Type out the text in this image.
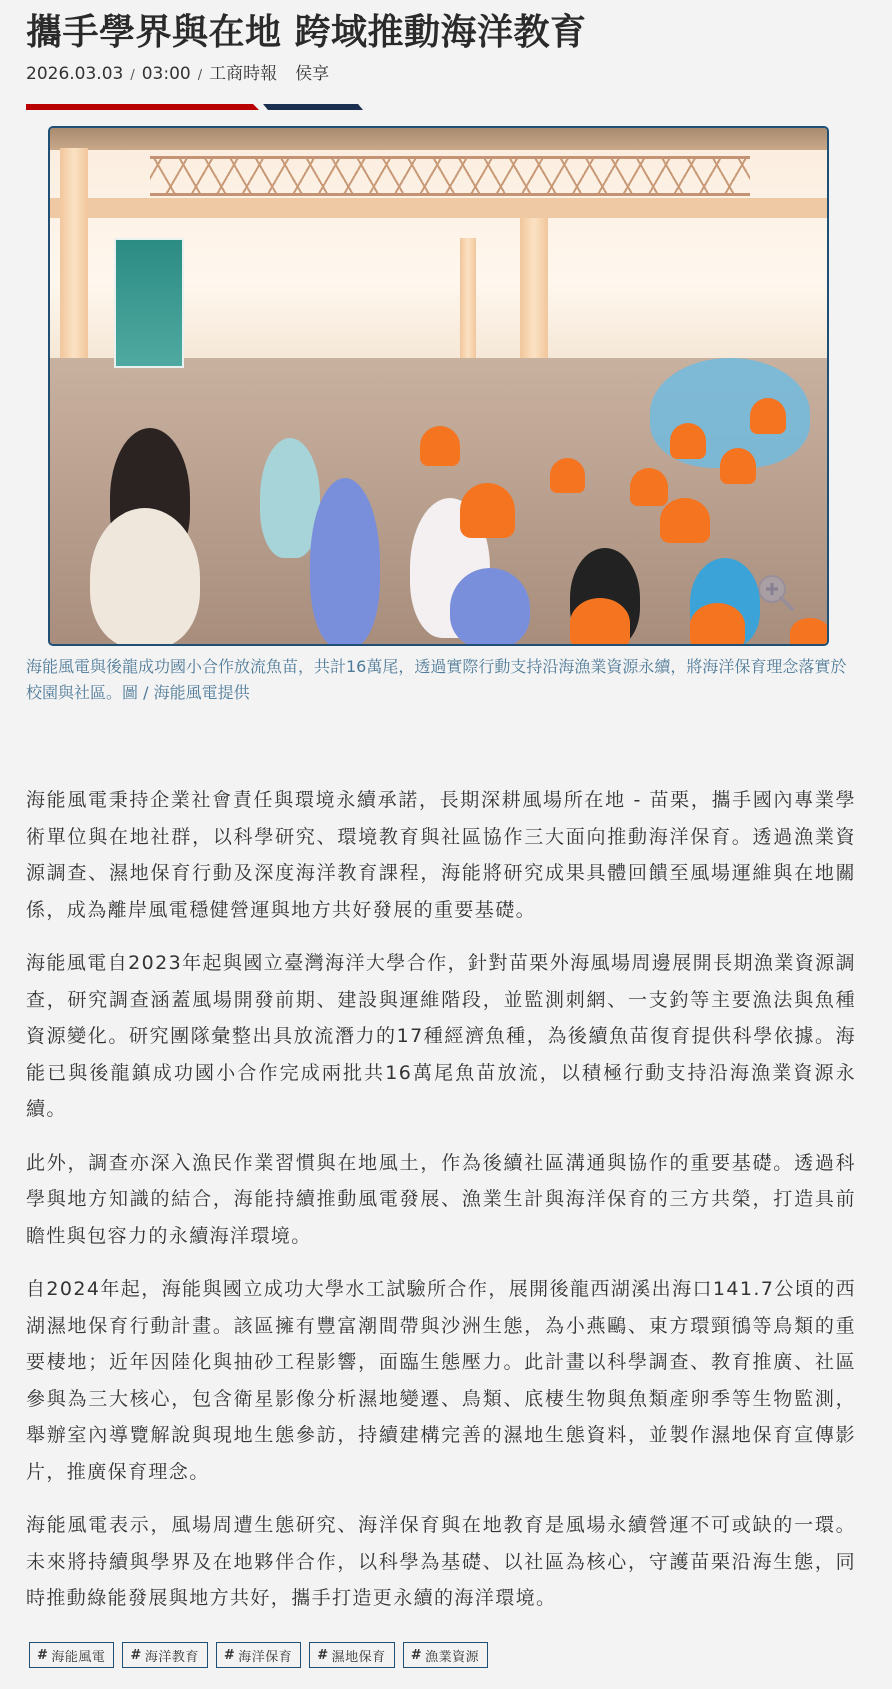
攜手學界與在地 跨域推動海洋教育
2026.03.03 / 03:00 / 工商時報 侯享

海能風電與後龍成功國小合作放流魚苗，共計16萬尾，透過實際行動支持沿海漁業資源永續，將海洋保育理念落實於校園與社區。圖 / 海能風電提供

海能風電秉持企業社會責任與環境永續承諾，長期深耕風場所在地 - 苗栗，攜手國內專業學術單位與在地社群，以科學研究、環境教育與社區協作三大面向推動海洋保育。透過漁業資源調查、濕地保育行動及深度海洋教育課程，海能將研究成果具體回饋至風場運維與在地關係，成為離岸風電穩健營運與地方共好發展的重要基礎。

海能風電自2023年起與國立臺灣海洋大學合作，針對苗栗外海風場周邊展開長期漁業資源調查，研究調查涵蓋風場開發前期、建設與運維階段，並監測刺網、一支釣等主要漁法與魚種資源變化。研究團隊彙整出具放流潛力的17種經濟魚種，為後續魚苗復育提供科學依據。海能已與後龍鎮成功國小合作完成兩批共16萬尾魚苗放流，以積極行動支持沿海漁業資源永續。

此外，調查亦深入漁民作業習慣與在地風土，作為後續社區溝通與協作的重要基礎。透過科學與地方知識的結合，海能持續推動風電發展、漁業生計與海洋保育的三方共榮，打造具前瞻性與包容力的永續海洋環境。

自2024年起，海能與國立成功大學水工試驗所合作，展開後龍西湖溪出海口141.7公頃的西湖濕地保育行動計畫。該區擁有豐富潮間帶與沙洲生態，為小燕鷗、東方環頸鴴等鳥類的重要棲地；近年因陸化與抽砂工程影響，面臨生態壓力。此計畫以科學調查、教育推廣、社區參與為三大核心，包含衛星影像分析濕地變遷、鳥類、底棲生物與魚類產卵季等生物監測，舉辦室內導覽解說與現地生態參訪，持續建構完善的濕地生態資料，並製作濕地保育宣傳影片，推廣保育理念。

海能風電表示，風場周遭生態研究、海洋保育與在地教育是風場永續營運不可或缺的一環。未來將持續與學界及在地夥伴合作，以科學為基礎、以社區為核心，守護苗栗沿海生態，同時推動綠能發展與地方共好，攜手打造更永續的海洋環境。

# 海能風電 # 海洋教育 # 海洋保育 # 濕地保育 # 漁業資源
